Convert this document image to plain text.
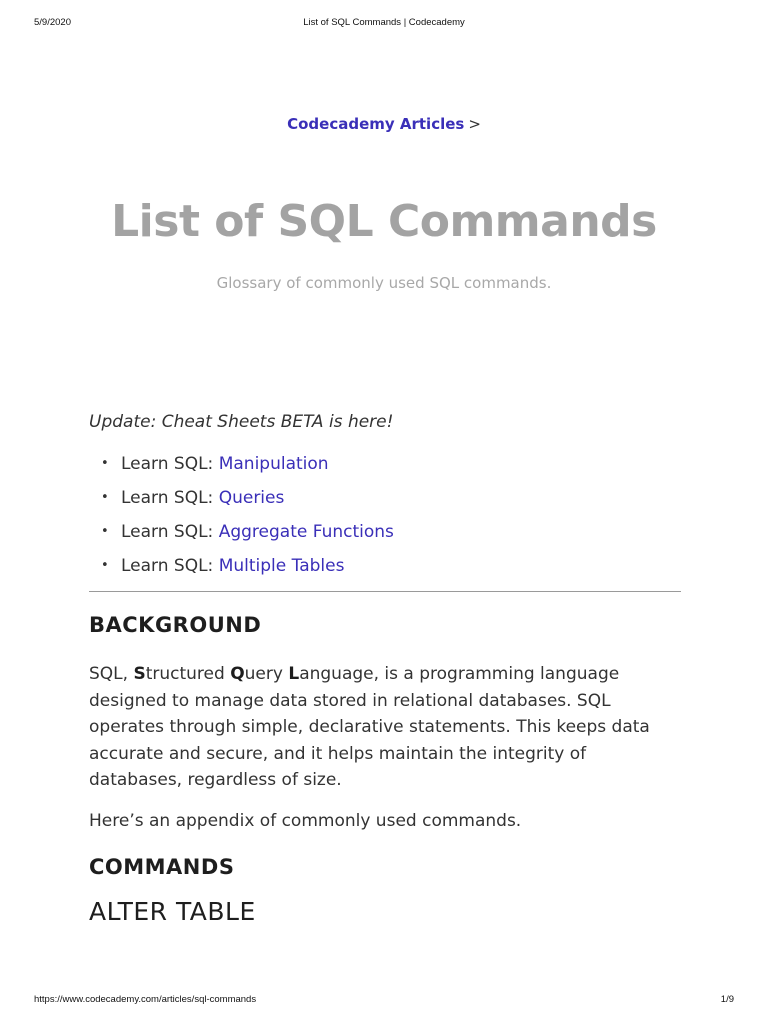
5/9/2020	List of SQL Commands | Codecademy
Codecademy Articles >
List of SQL Commands

Glossary of commonly used SQL commands.

Update: Cheat Sheets BETA is here!

• Learn SQL: Manipulation
• Learn SQL: Queries
• Learn SQL: Aggregate Functions
• Learn SQL: Multiple Tables
BACKGROUND

SQL, Structured Query Language, is a programming language designed to manage data stored in relational databases. SQL operates through simple, declarative statements. This keeps data accurate and secure, and it helps maintain the integrity of databases, regardless of size.

Here’s an appendix of commonly used commands.

COMMANDS
ALTER TABLE
https://www.codecademy.com/articles/sql-commands	1/9
